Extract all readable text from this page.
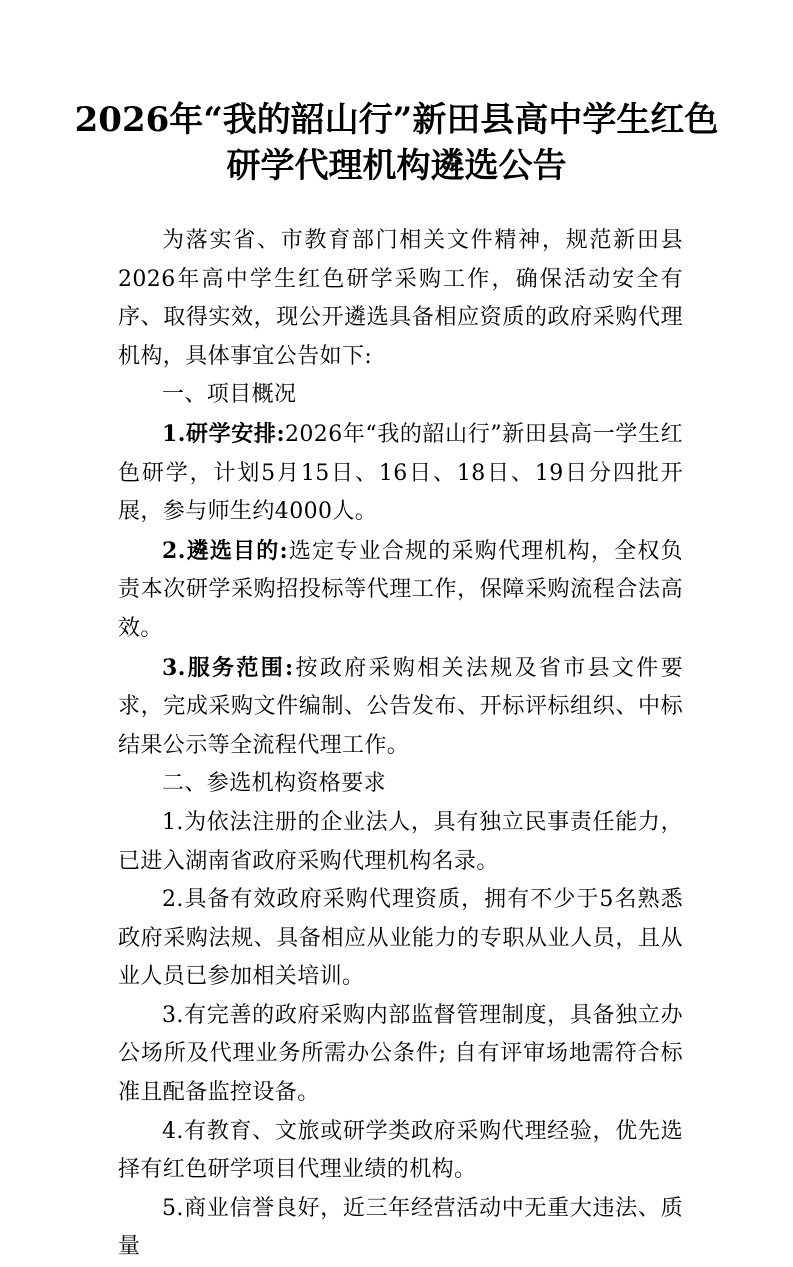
2026年“我的韶山行”新田县高中学生红色
研学代理机构遴选公告

为落实省、市教育部门相关文件精神，规范新田县2026年高中学生红色研学采购工作，确保活动安全有序、取得实效，现公开遴选具备相应资质的政府采购代理机构，具体事宜公告如下:

一、项目概况

1.研学安排:2026年“我的韶山行”新田县高一学生红色研学，计划5月15日、16日、18日、19日分四批开展，参与师生约4000人。

2.遴选目的:选定专业合规的采购代理机构，全权负责本次研学采购招投标等代理工作，保障采购流程合法高效。

3.服务范围:按政府采购相关法规及省市县文件要求，完成采购文件编制、公告发布、开标评标组织、中标结果公示等全流程代理工作。

二、参选机构资格要求

1.为依法注册的企业法人，具有独立民事责任能力，已进入湖南省政府采购代理机构名录。

2.具备有效政府采购代理资质，拥有不少于5名熟悉政府采购法规、具备相应从业能力的专职从业人员，且从业人员已参加相关培训。

3.有完善的政府采购内部监督管理制度，具备独立办公场所及代理业务所需办公条件; 自有评审场地需符合标准且配备监控设备。

4.有教育、文旅或研学类政府采购代理经验，优先选择有红色研学项目代理业绩的机构。

5.商业信誉良好，近三年经营活动中无重大违法、质量
